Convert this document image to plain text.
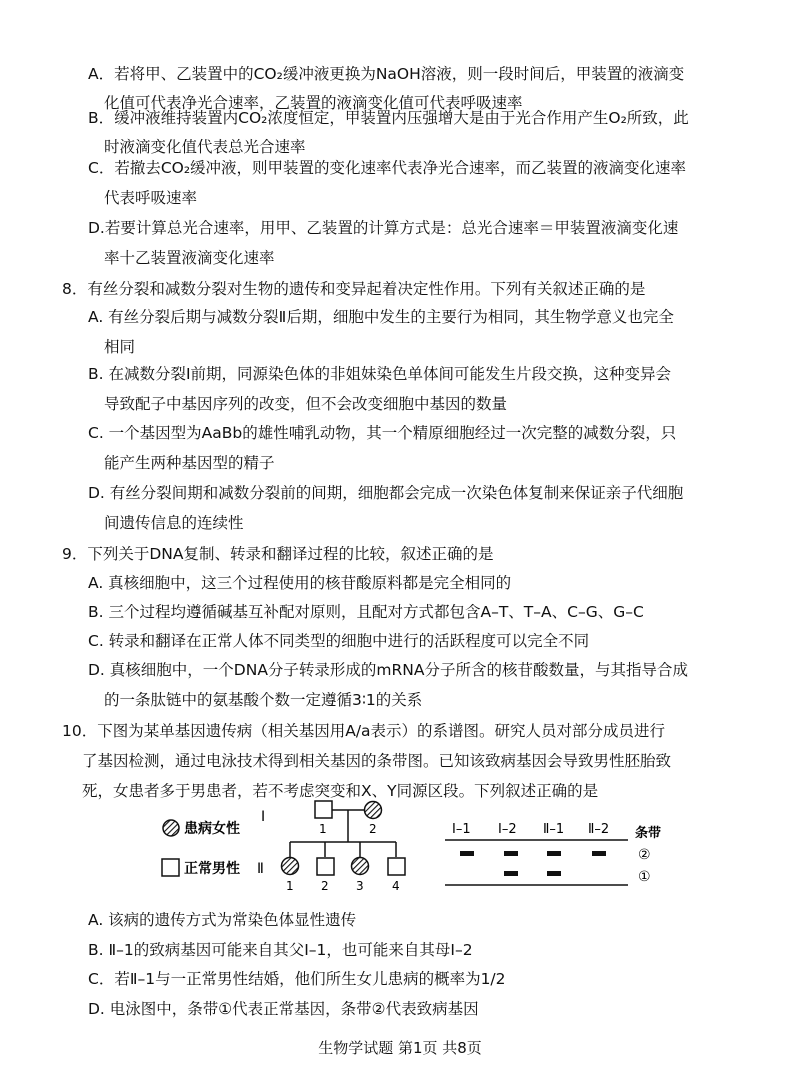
A．若将甲、乙装置中的CO₂缓冲液更换为NaOH溶液，则一段时间后，甲装置的液滴变
化值可代表净光合速率，乙装置的液滴变化值可代表呼吸速率
B．缓冲液维持装置内CO₂浓度恒定，甲装置内压强增大是由于光合作用产生O₂所致，此
时液滴变化值代表总光合速率
C．若撤去CO₂缓冲液，则甲装置的变化速率代表净光合速率，而乙装置的液滴变化速率
代表呼吸速率
D.若要计算总光合速率，用甲、乙装置的计算方式是：总光合速率＝甲装置液滴变化速
率十乙装置液滴变化速率
8．有丝分裂和减数分裂对生物的遗传和变异起着决定性作用。下列有关叙述正确的是
A. 有丝分裂后期与减数分裂Ⅱ后期，细胞中发生的主要行为相同，其生物学意义也完全
相同
B. 在减数分裂Ⅰ前期，同源染色体的非姐妹染色单体间可能发生片段交换，这种变异会
导致配子中基因序列的改变，但不会改变细胞中基因的数量
C. 一个基因型为AaBb的雄性哺乳动物，其一个精原细胞经过一次完整的减数分裂，只
能产生两种基因型的精子
D. 有丝分裂间期和减数分裂前的间期，细胞都会完成一次染色体复制来保证亲子代细胞
间遗传信息的连续性
9．下列关于DNA复制、转录和翻译过程的比较，叙述正确的是
A. 真核细胞中，这三个过程使用的核苷酸原料都是完全相同的
B. 三个过程均遵循碱基互补配对原则，且配对方式都包含A–T、T–A、C–G、G–C
C. 转录和翻译在正常人体不同类型的细胞中进行的活跃程度可以完全不同
D. 真核细胞中，一个DNA分子转录形成的mRNA分子所含的核苷酸数量，与其指导合成
的一条肽链中的氨基酸个数一定遵循3∶1的关系
10．下图为某单基因遗传病（相关基因用A/a表示）的系谱图。研究人员对部分成员进行
了基因检测，通过电泳技术得到相关基因的条带图。已知该致病基因会导致男性胚胎致
死，女患者多于男患者，若不考虑突变和X、Y同源区段。下列叙述正确的是
患病女性
正常男性
Ⅰ
Ⅱ
1	2
1 2 3 4
Ⅰ–1 Ⅰ–2 Ⅱ–1 Ⅱ–2 条带
②
①
A. 该病的遗传方式为常染色体显性遗传
B. Ⅱ–1的致病基因可能来自其父Ⅰ–1，也可能来自其母Ⅰ–2
C．若Ⅱ–1与一正常男性结婚，他们所生女儿患病的概率为1/2
D. 电泳图中，条带①代表正常基因，条带②代表致病基因
生物学试题 第1页 共8页
